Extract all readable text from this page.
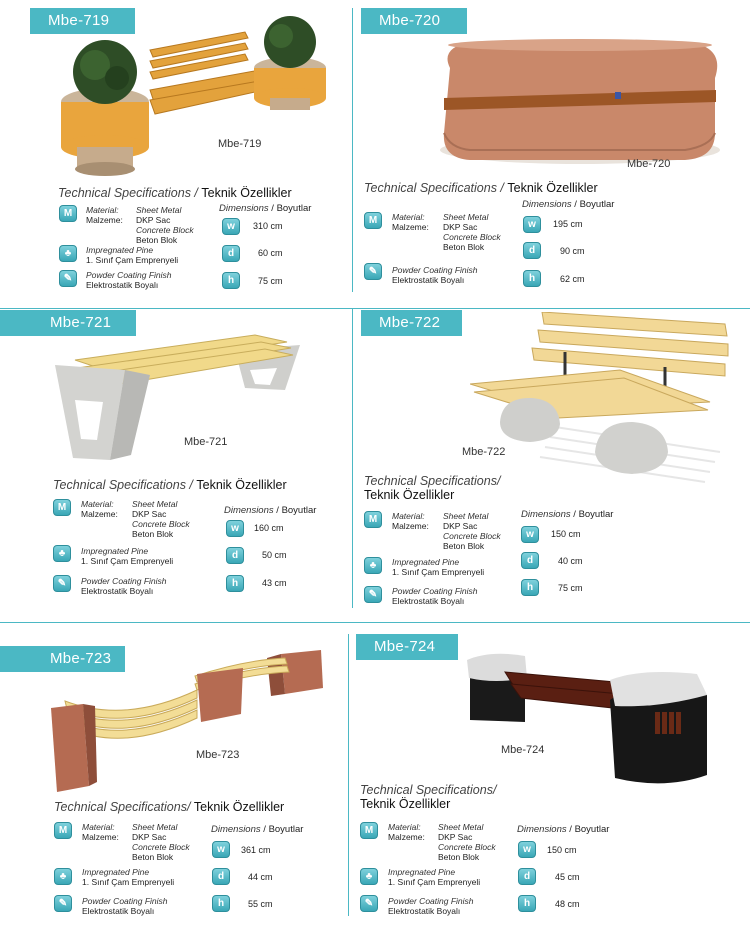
Mbe-719
Mbe-719
Technical Specifications / Teknik Özellikler
M	Material:
Malzeme:
Sheet Metal
DKP Sac
Concrete Block
Beton Blok
♣	Impregnated Pine
1. Sınıf Çam Emprenyeli
✎	Powder Coating Finish
Elektrostatik Boyalı
Dimensions / Boyutlar
w	310 cm
d	60 cm
h	75 cm
Mbe-720
Mbe-720
Technical Specifications / Teknik Özellikler
M	Material:
Malzeme:
Sheet Metal
DKP Sac
Concrete Block
Beton Blok
✎	Powder Coating Finish
Elektrostatik Boyalı
Dimensions / Boyutlar
w	195 cm
d	90 cm
h	62 cm
Mbe-721
Mbe-721
Technical Specifications / Teknik Özellikler
M	Material:
Malzeme:
Sheet Metal
DKP Sac
Concrete Block
Beton Blok
♣	Impregnated Pine
1. Sınıf Çam Emprenyeli
✎	Powder Coating Finish
Elektrostatik Boyalı
Dimensions / Boyutlar
w	160 cm
d	50 cm
h	43 cm
Mbe-722
Mbe-722
Technical Specifications/
Teknik Özellikler
M	Material:
Malzeme:
Sheet Metal
DKP Sac
Concrete Block
Beton Blok
♣	Impregnated Pine
1. Sınıf Çam Emprenyeli
✎	Powder Coating Finish
Elektrostatik Boyalı
Dimensions / Boyutlar
w	150 cm
d	40 cm
h	75 cm
Mbe-723
Mbe-723
Technical Specifications/ Teknik Özellikler
M	Material:
Malzeme:
Sheet Metal
DKP Sac
Concrete Block
Beton Blok
♣	Impregnated Pine
1. Sınıf Çam Emprenyeli
✎	Powder Coating Finish
Elektrostatik Boyalı
Dimensions / Boyutlar
w	361 cm
d	44 cm
h	55 cm
Mbe-724
Mbe-724
Technical Specifications/
Teknik Özellikler
M	Material:
Malzeme:
Sheet Metal
DKP Sac
Concrete Block
Beton Blok
♣	Impregnated Pine
1. Sınıf Çam Emprenyeli
✎	Powder Coating Finish
Elektrostatik Boyalı
Dimensions / Boyutlar
w	150 cm
d	45 cm
h	48 cm
